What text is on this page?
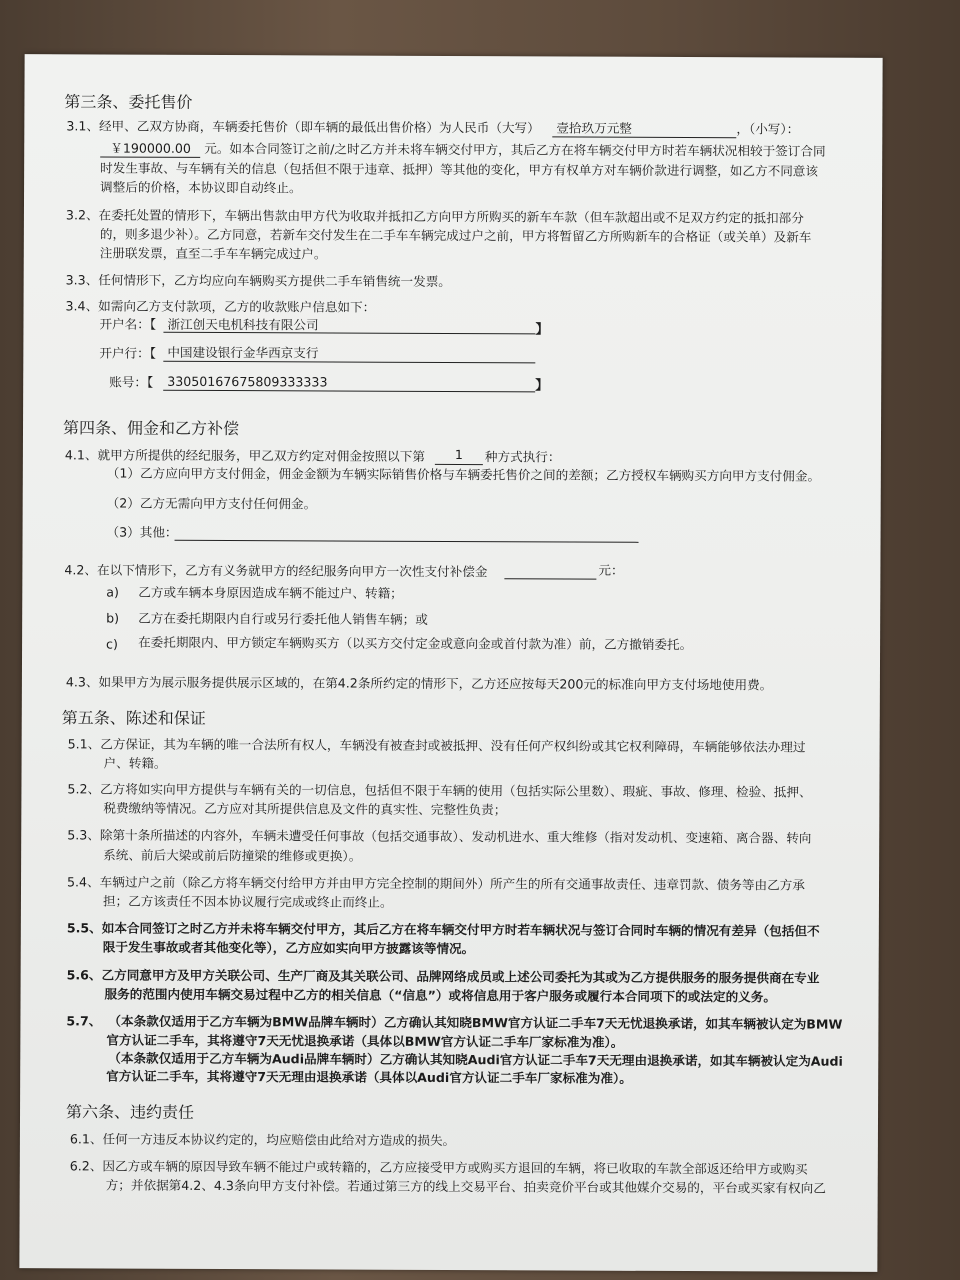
第三条、委托售价
3.1、经甲、乙双方协商，车辆委托售价（即车辆的最低出售价格）为人民币（大写） 壹拾玖万元整	，（小写）：
￥190000.00 元。如本合同签订之前/之时乙方并未将车辆交付甲方，其后乙方在将车辆交付甲方时若车辆状况相较于签订合同
时发生事故、与车辆有关的信息（包括但不限于违章、抵押）等其他的变化，甲方有权单方对车辆价款进行调整，如乙方不同意该
调整后的价格，本协议即自动终止。
3.2、在委托处置的情形下，车辆出售款由甲方代为收取并抵扣乙方向甲方所购买的新车车款（但车款超出或不足双方约定的抵扣部分
的，则多退少补）。乙方同意，若新车交付发生在二手车车辆完成过户之前，甲方将暂留乙方所购新车的合格证（或关单）及新车
注册联发票，直至二手车车辆完成过户。
3.3、任何情形下，乙方均应向车辆购买方提供二手车销售统一发票。
3.4、如需向乙方支付款项，乙方的收款账户信息如下：
开户名：【 浙江创天电机科技有限公司	】
开户行：【 中国建设银行金华西京支行
账号：【 33050167675809333333	】
第四条、佣金和乙方补偿
4.1、就甲方所提供的经纪服务，甲乙双方约定对佣金按照以下第 1 种方式执行：
（1）乙方应向甲方支付佣金，佣金金额为车辆实际销售价格与车辆委托售价之间的差额；乙方授权车辆购买方向甲方支付佣金。
（2）乙方无需向甲方支付任何佣金。
（3）其他：
4.2、在以下情形下，乙方有义务就甲方的经纪服务向甲方一次性支付补偿金	元：
a) 乙方或车辆本身原因造成车辆不能过户、转籍；
b) 乙方在委托期限内自行或另行委托他人销售车辆；或
c) 在委托期限内、甲方锁定车辆购买方（以买方交付定金或意向金或首付款为准）前，乙方撤销委托。
4.3、如果甲方为展示服务提供展示区域的，在第4.2条所约定的情形下，乙方还应按每天200元的标准向甲方支付场地使用费。
第五条、陈述和保证
5.1、乙方保证，其为车辆的唯一合法所有权人，车辆没有被查封或被抵押、没有任何产权纠纷或其它权利障碍，车辆能够依法办理过
户、转籍。
5.2、乙方将如实向甲方提供与车辆有关的一切信息，包括但不限于车辆的使用（包括实际公里数）、瑕疵、事故、修理、检验、抵押、
税费缴纳等情况。乙方应对其所提供信息及文件的真实性、完整性负责；
5.3、除第十条所描述的内容外，车辆未遭受任何事故（包括交通事故）、发动机进水、重大维修（指对发动机、变速箱、离合器、转向
系统、前后大梁或前后防撞梁的维修或更换）。
5.4、车辆过户之前（除乙方将车辆交付给甲方并由甲方完全控制的期间外）所产生的所有交通事故责任、违章罚款、债务等由乙方承
担；乙方该责任不因本协议履行完成或终止而终止。
5.5、如本合同签订之时乙方并未将车辆交付甲方，其后乙方在将车辆交付甲方时若车辆状况与签订合同时车辆的情况有差异（包括但不
限于发生事故或者其他变化等），乙方应如实向甲方披露该等情况。
5.6、乙方同意甲方及甲方关联公司、生产厂商及其关联公司、品牌网络成员或上述公司委托为其或为乙方提供服务的服务提供商在专业
服务的范围内使用车辆交易过程中乙方的相关信息（“信息”）或将信息用于客户服务或履行本合同项下的或法定的义务。
5.7、 （本条款仅适用于乙方车辆为BMW品牌车辆时）乙方确认其知晓BMW官方认证二手车7天无忧退换承诺，如其车辆被认定为BMW
官方认证二手车，其将遵守7天无忧退换承诺（具体以BMW官方认证二手车厂家标准为准）。
（本条款仅适用于乙方车辆为Audi品牌车辆时）乙方确认其知晓Audi官方认证二手车7天无理由退换承诺，如其车辆被认定为Audi
官方认证二手车，其将遵守7天无理由退换承诺（具体以Audi官方认证二手车厂家标准为准）。
第六条、违约责任
6.1、任何一方违反本协议约定的，均应赔偿由此给对方造成的损失。
6.2、因乙方或车辆的原因导致车辆不能过户或转籍的，乙方应接受甲方或购买方退回的车辆，将已收取的车款全部返还给甲方或购买
方；并依据第4.2、4.3条向甲方支付补偿。若通过第三方的线上交易平台、拍卖竞价平台或其他媒介交易的，平台或买家有权向乙
